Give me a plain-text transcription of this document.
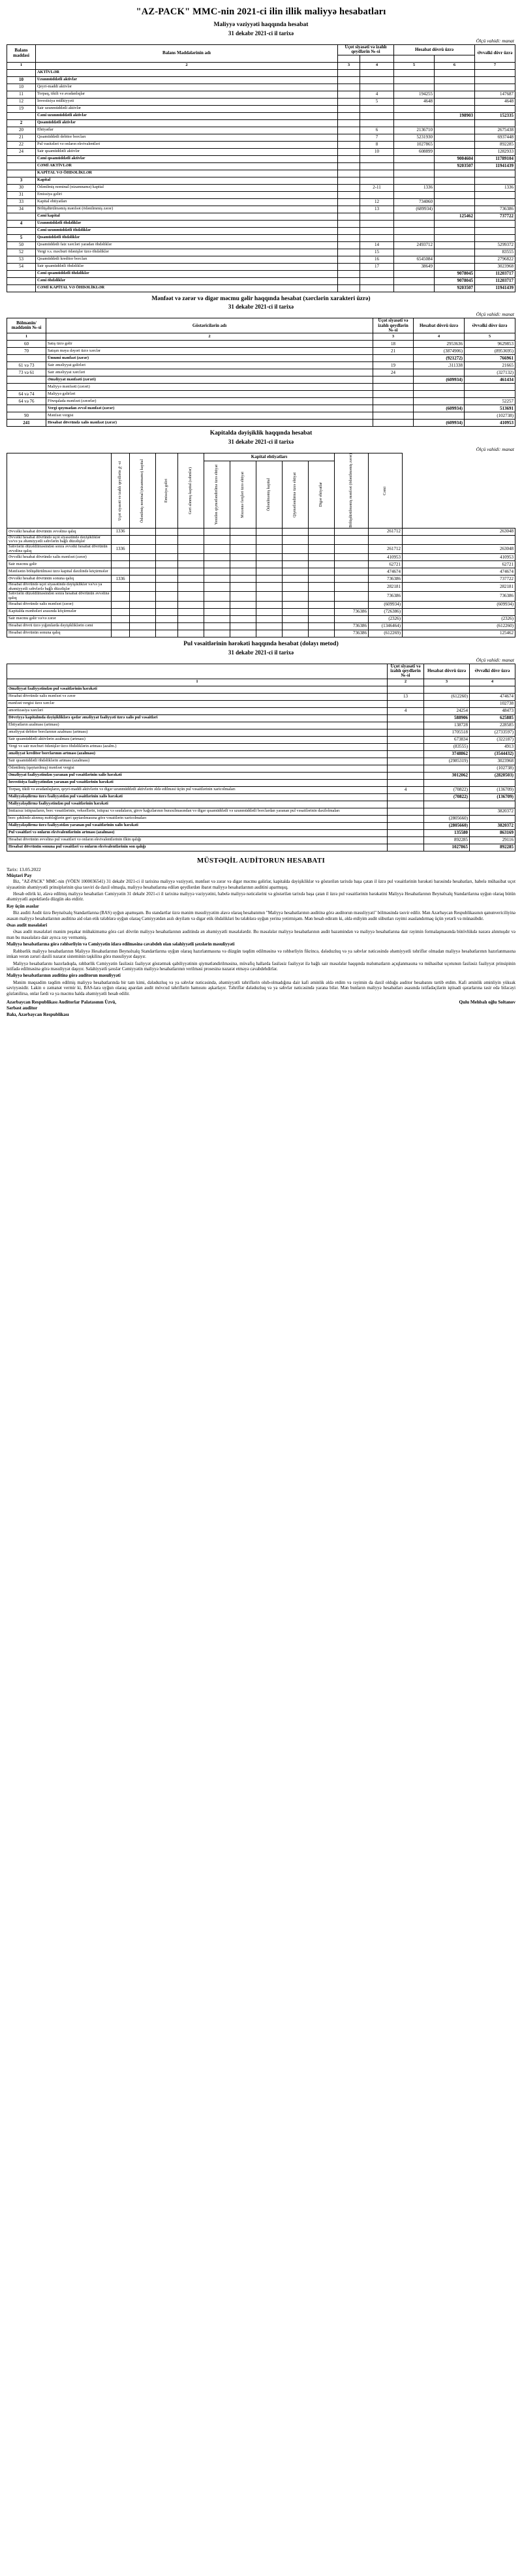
"AZ-PACK" MMC-nin 2021-ci ilin illik maliyyə hesabatları
Maliyyə vəziyyəti haqqında hesabat
31 dekabr 2021-ci il tarixə
Ölçü vahidi: manat
Balans maddəsi	Balans Maddələrinin adı	Uçot siyasəti və izahlı qeydlərin №-si		Hesabat dövrü üzrə		Əvvəlki dövr üzrə

1	2	3	4	5	6	7
	AKTİVLƏR					
10	Uzunmüddətli aktivlər					
10	Qeyri-maddi aktivlər					
11	Torpaq, tikili və avadanlıqlar		4	194255		147687
12	İnvestisiya mülkiyyəti		5	4648		4648
19	Sair uzunmüddətli aktivlər					
	Cəmi uzunmüddətli aktivlər				198903	152335
2	Qısamüddətli aktivlər					
20	Ehtiyatlar		6	2136710		2675438
21	Qısamüddətli debitor borcları		7	5231930		6937448
22	Pul vasitələri və onların ekvivalentləri		8	1027865		892285
24	Sair qısamüddətli aktivlər		10	608899		1282933
	Cəmi qısamüddətli aktivlər				9004604	11789104
	CƏMİ AKTİVLƏR				9203507	11941439
	KAPİTAL VƏ ÖHDƏLİKLƏR					
3	Kapital					
30	Ödənilmiş nominal (nizamnamə) kapital		2-11	1336		1336
31	Emissiya gəliri					
33	Kapital ehtiyatları		12	734060		
34	Bölüşdürülməmiş mənfəət (ödənilmmiş zərər)		13	(689934)		736386
	Cəmi kapital				125462	737722
4	Uzunmüddətli öhdəliklər					
	Cəmi uzunmüddətli öhdəliklər					
5	Qısamüddətli öhdəliklər					
50	Qısamüddətli faiz xərcləri yaradan öhdəliklər		14	2493712		5299372
52	Vergi v.s. məcburi ödənişlər üzrə öhdəliklər		15			83555
53	Qısamüddətli kreditor borcları		16	6545084		2796822
54	Sair qısamüddətli öhdəliklər		17	38649		3023968
	Cəmi qısamüddətli öhdəliklər				9078045	11203717
	Cəmi öhdəliklər				9078045	11203717
	CƏMİ KAPİTAL VƏ ÖHDƏLİKLƏR				9203507	11941439
Mənfəət və zərər və digər məcmu gəlir haqqında hesabat (xərclərin xarakteri üzrə)
31 dekabr 2021-ci il tarixə
Ölçü vahidi: manat
Bölmənin/ maddənin №-si	Göstəricilərin adı	Uçot siyasəti və izahlı qeydlərin №-si	Hesabat dövrü üzrə	Əvvəlki dövr üzrə
1	2	3	4	5
60	Satış üzrə gəlir	18	2953636	9629853
70	Satışın məya dəyəri üzrə xərclər	21	(3874906)	(8953695)
	Ümumi mənfəət (zərər)		(921272)	766961
61 və 73	Sair əməliyyat gəlirləri	19	.311338	21665
73 və 61	Sair əməliyyat xərcləri	24		(327132)
	Əməliyyat mənfəəti (zərəri)		(609934)	461434
	Maliyyə mənfəəti (zərəri)			
64 və 74	Maliyyə gəlirləri			
64 və 76	Föwqalada mənfəət (zərərlər)			52257
	Vergi qoymadan əvvəl mənfəət (zərər)		(609934)	513691
90	Mənfəət vergisi			(102738)
241	Hesabat dövründə xalis mənfəət (zərər)		(609934)	410953
Kapitalda dəyişiklik haqqında hesabat
31 dekabr 2021-ci il tarixə
Ölçü vahidi: manat

	Uçot siyasəti və izahlı qeydlərin №-si	Ödənilmiş nominal (nizamnamə) kapital	Emissiya gəliri	Geri alınmış kapital (səhmlər)	Kapital ehtiyatları					Bölüşdürülməmiş mənfəət (ödənilməmiş zərər)	Cəmi	

					Yenidən qiymətləndirilmə üzrə ehtiyat	Məzənnə fərqləri üzrə ehtiyat	Ödənilməmiş kapital	Qiymətləndirmə üzrə ehtiyat	Digər ehtiyatlar			

Əvvəlki hesabat dövrünün əvvəlinə qalıq	1336										261712	263048
Əvvəlki hesabat dövründə uçot siyasətində dəyişikliklər və/və ya əhəmiyyətli səhvlərin bağlı düzəlişlər												
Səhvlərin düzəldilməsindən sonra əvvəlki hesabat dövrünün əvvəlinə qalıq	1336										261712	263048
Əvvəlki hesabat dövründə xalis mənfəət (zərər)											410953	410953
Sair məcmu gəlir											62721	62721
Mənfəətin bölüşdürülməsi üzrə kapital daxilində köçürmələr											474674	474674
Əvvəlki hesabat dövrünün sonuna qalıq	1336										736386	737722
Hesabat dövründə uçot siyasətində dəyişikliklər və/və ya əhəmiyyətli səhvlərlə bağlı düzəlişlər											282181	282181
Səhvlərin düzəldilməsindən sonra hesabat dövrünün əvvəlinə qalıq											736386	736386
Hesabat dövründə xalis mənfəət (zərər)											(609934)	(609934)
Kapitalda mənbələri arasında köçürmələr										736386	(726386)	
Sair məcmu gəlir və/və zərər											(2326)	(2326)
Hesabat dövrü üzrə yığımlarda dəyişikliklərin cəmi										736386	(1346464)	(612260)
Hesabat dövrünün sonuna qalıq										736386	(612269)	125462
Pul vəsaitlərinin hərəkəti haqqında hesabat (dolayı metod)
31 dekabr 2021-ci il tarixə
Ölçü vahidi: manat
	Uçot siyasəti və izahlı qeydlərin №-si	Hesabat dövrü üzrə	Əvvəlki dövr üzrə
1	2	3	4
Əməliyyat fəaliyyətindən pul vəsaitlərinin hərəkəti			
Hesabat dövründə xalis mənfəət və zərər	13	(612260)	474674
mənfəət vergisi üzrə xərclər			102738
amortizasiya xərcləri	4	24254	48473
Dövriyyə kapitalında dəyişikliklərə qədər əməliyyat fəaliyyəti üzrə xalis pul vəsaitləri		588906	625885
Ehtiyatların azalması (artması)		138728	228585
əməliyyat debitor borclarının azalması (artması)		1705518	(2733597)
Sair qısamüddətli aktivlərin azalması (artması)		673834	(322187)
Vergi və sair məcburi ödənişlər üzrə öhdəliklərin artması (azalm.)		(83555)	4913
əməliyyat kreditor borclarının artması (azalması)		3748862	(3544432)
Sair qısamüddətli öhdəliklərin artması (azalması)		(2985319)	3023968
Ödənilmiş (qaytarılmış) mənfəət vergisi			(102738)
Əməliyyat fəaliyyətindən yaranan pul vəsaitlərinin xalis hərəkəti		3012062	(2820503)
İnvestisiya fəaliyyətindən yaranan pul vəsaitlərinin hərəkəti			
Torpaq, tikili və avadanlıqların, qeyri-maddi aktivlərin və digər uzunmüddətli aktivlərin əldə edilməsi üçün pul vəsaitlərinin xaricolmaları	4	(70822)	(136709)
Maliyyələşdirmə üzrə fəaliyyətdən pul vəsaitlərinin xalis hərəkəti		(70822)	(136709)
Maliyyələşdirmə fəaliyyətindən pul vəsaitlərinin hərəkəti			
İmtiazsız istiqrazların, borc vəsaitlərinin, veksellərin, istiqraz və ssudaların, girov kağızlarının buraxılmasından və digər qısamüddətli və uzunmüddətli borclardan yaranan pul vəsaitlərinin daxilolmaları			3820372
borc şəklində alınmış məbləğlərin geri qaytarılmasına görə vəsaitlərin xaricolmaları		(2805660)	
Maliyyələşdirmə üzrə fəaliyyətdən yaranan pul vəsaitlərinin xalis hərəkəti		(2805660)	3820372
Pul vəsaitləri və onların ekvivalentlərinin artması (azalması)		135580	863169
Hesabat dövrünün əvvəlinə pul vəsaitləri və onların ekvivalentlərinin ilkin qalığı		892285	29116
Hesabat dövrünün sonuna pul vəsaitləri və onların ekvivalentlərinin son qalığı		1027865	892285
MÜSTƏQİL AUDİTORUN HESABATI
Tarix: 13.05.2022
Müştəri Pay

Biz, "AZ-PACK" MMC-nin (VÖEN 1000036541) 31 dekabr 2021-ci il tarixinə maliyyə vəziyyəti, mənfəət və zərər və digər məcmu gəlirlər, kapitalda dəyişikliklər və göstərilən tarixdə başa çatan il üzrə pul vəsaitlərinin hərəkəti barəsində hesabatları, habelə mühasibat uçot siyasətinin əhəmiyyətli prinsiplərinin qisa təsviri də daxil olmaqla, maliyyə hesabatlarına edilən qeydlərdən ibarət maliyyə hesabatlarının auditini aparmışıq.

Hesab edirik ki, əlavə edilmiş maliyyə hesabatları Cəmiyyətin 31 dekabr 2021-ci il tarixinə maliyyə vəziyyətini, habelə maliyyə nəticələrini və göstərilən tarixdə başa çatan il üzrə pul vəsaitlərinin hərəkətini Maliyyə Hesabatlarının Beynəlxalq Standartlarına uyğun olaraq bütün əhəmiyyətli aspektlərdə düzgün əks etdirir.

Rəy üçün əsaslar

Biz auditi Audit üzrə Beynəlxalq Standartlarına (BAS) uyğun apamışam. Bu standartlar üzrə mənim məsuliyyətim əlavə olaraq hesabatımın "Maliyyə hesabatlarının auditinə görə auditorun məsuliyyəti" bölməsində təsvir edilir. Mən Azərbaycan Respublikasının qanunvericiliyinə əsasən maliyyə hesabatlarının auditinə aid olan etik tələblərə uyğun olaraq Cəmiyyətdən asılı deyiləm və digər etik öhdəlikləri bu tələblərə uyğun yerinə yetirmişəm. Mən hesab edirəm ki, əldə etdiyim audit sübutları rəyimi əsaslandırmaq üçün yetərli və münasibdir.

Əsas audit məsələləri

Əsas audit məsələləri mənim peşəkar mühakiməmə görə cari dövrün maliyyə hesabatlarının auditində ən əhəmiyyətli məsələlərdir. Bu məsələlər maliyyə hesabatlarının audit bazəmindən və maliyyə hesabatlarına dair rəyimin formalaşmasında bütövlükdə nəzərə alınmışdır və mən bu məsələlərə dair ayrıca rəy verməmiş.

Maliyyə hesabatlarına görə rəhbərliyin və Cəmiyyətin idarə edilməsinə cavabdeh olan səlahiyyətli şəxslərin məsuliyyəti

Rəhbərlik maliyyə hesabatlarının Maliyyə Hesabatlarının Beynəlxalq Standartlarına uyğun olaraq hazırlanmasına və düzgün təqdim edilməsinə və rəhbərliyin fikrincə, dələduzluq və ya səhvlər nəticəsində əhəmiyyətli təhriflər olmadan maliyyə hesabatlarının hazırlanmasına imkan verən zəruri daxili nəzarət sisteminin təşkilinə görə məsuliyyət daşıyır.

Maliyyə hesabatlarını hazırladıqda, rəhbərlik Cəmiyyətin fasiləsiz fəaliyyət göstərmək qabiliyyətinin qiymətləndirilməsinə, müvafiq hallarda fasiləsiz fəaliyyət ilə bağlı sair məsələlər haqqında məlumatların açıqlanmasına və mühasibat uçotunun fasiləsiz fəaliyyət prinsipinin istifadə edilməsinə görə məsuliyyət daşıyır. Səlahiyyətli şəxslər Cəmiyyətin maliyyə hesabatlarının verilməsi prosesinə nəzarət etməyə cavabdehdirlər.

Maliyyə hesabatlarının auditinə görə auditorun məsuliyyəti

Mənim məqsədim təqdim edilmiş maliyyə hesabatlarında bir tam kimi, dələduzluq və ya səhvlər nəticəsində, əhəmiyyətli təhriflərin olub-olmadığına dair kafi əminlik əldə etdim və rəyimin da daxil olduğu auditor hesabatını tərtib etdim. Kafi əminlik əminliyin yüksək səviyyəsidir. Lakin o zəmanət vermir ki, BAS-lara uyğun olaraq aparılan audit mövcud təhriflərin hamısını aşkarlayır. Təhriflər dələduzluq və ya səhvlər nəticəsində yarana bilər. Mən bunların maliyyə hesabatları əsasında istifadəçilərin iqtisadi qərarlarına təsir edə biləcəyi gözlənilirsə, onlar fərdi və ya məcmu halda əhəmiyyətli hesab edilir.

Azərbaycan Respublikası Auditorlar Palatasının Üzvü,
Sərbəst auditor
Bakı, Azərbaycan Respublikası
Qulu Mehbalı oğlu Soltanov
